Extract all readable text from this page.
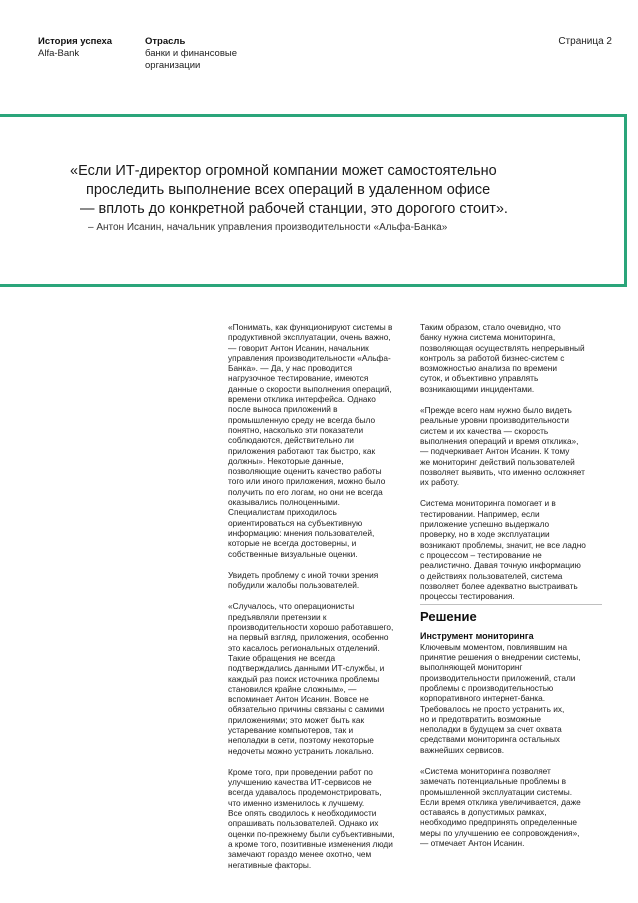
История успеха
Alfa-Bank
Отрасль
банки и финансовые
организации
Страница 2
«Если ИТ-директор огромной компании может самостоятельно
проследить выполнение всех операций в удаленном офисе
— вплоть до конкретной рабочей станции, это дорогого стоит».
– Антон Исанин, начальник управления производительности «Альфа-Банка»

«Понимать, как функционируют системы в
продуктивной эксплуатации, очень важно,
— говорит Антон Исанин, начальник
управления производительности «Альфа-
Банка». — Да, у нас проводится
нагрузочное тестирование, имеются
данные о скорости выполнения операций,
времени отклика интерфейса. Однако
после выноса приложений в
промышленную среду не всегда было
понятно, насколько эти показатели
соблюдаются, действительно ли
приложения работают так быстро, как
должны». Некоторые данные,
позволяющие оценить качество работы
того или иного приложения, можно было
получить по его логам, но они не всегда
оказывались полноценными.
Специалистам приходилось
ориентироваться на субъективную
информацию: мнения пользователей,
которые не всегда достоверны, и
собственные визуальные оценки.

Увидеть проблему с иной точки зрения
побудили жалобы пользователей.

«Случалось, что операционисты
предъявляли претензии к
производительности хорошо работавшего,
на первый взгляд, приложения, особенно
это касалось региональных отделений.
Такие обращения не всегда
подтверждались данными ИТ-службы, и
каждый раз поиск источника проблемы
становился крайне сложным», —
вспоминает Антон Исанин. Вовсе не
обязательно причины связаны с самими
приложениями; это может быть как
устаревание компьютеров, так и
неполадки в сети, поэтому некоторые
недочеты можно устранить локально.

Кроме того, при проведении работ по
улучшению качества ИТ-сервисов не
всегда удавалось продемонстрировать,
что именно изменилось к лучшему.
Все опять сводилось к необходимости
опрашивать пользователей. Однако их
оценки по-прежнему были субъективными,
а кроме того, позитивные изменения люди
замечают гораздо менее охотно, чем
негативные факторы.

Таким образом, стало очевидно, что
банку нужна система мониторинга,
позволяющая осуществлять непрерывный
контроль за работой бизнес-систем с
возможностью анализа по времени
суток, и объективно управлять
возникающими инцидентами.

«Прежде всего нам нужно было видеть
реальные уровни производительности
систем и их качества — скорость
выполнения операций и время отклика»,
— подчеркивает Антон Исанин. К тому
же мониторинг действий пользователей
позволяет выявить, что именно осложняет
их работу.

Система мониторинга помогает и в
тестировании. Например, если
приложение успешно выдержало
проверку, но в ходе эксплуатации
возникают проблемы, значит, не все ладно
с процессом – тестирование не
реалистично. Давая точную информацию
о действиях пользователей, система
позволяет более адекватно выстраивать
процессы тестирования.

Решение
Инструмент мониторинга

Ключевым моментом, повлиявшим на
принятие решения о внедрении системы,
выполняющей мониторинг
производительности приложений, стали
проблемы с производительностью
корпоративного интернет-банка.
Требовалось не просто устранить их,
но и предотвратить возможные
неполадки в будущем за счет охвата
средствами мониторинга остальных
важнейших сервисов.

«Система мониторинга позволяет
замечать потенциальные проблемы в
промышленной эксплуатации системы.
Если время отклика увеличивается, даже
оставаясь в допустимых рамках,
необходимо предпринять определенные
меры по улучшению ее сопровождения»,
— отмечает Антон Исанин.
